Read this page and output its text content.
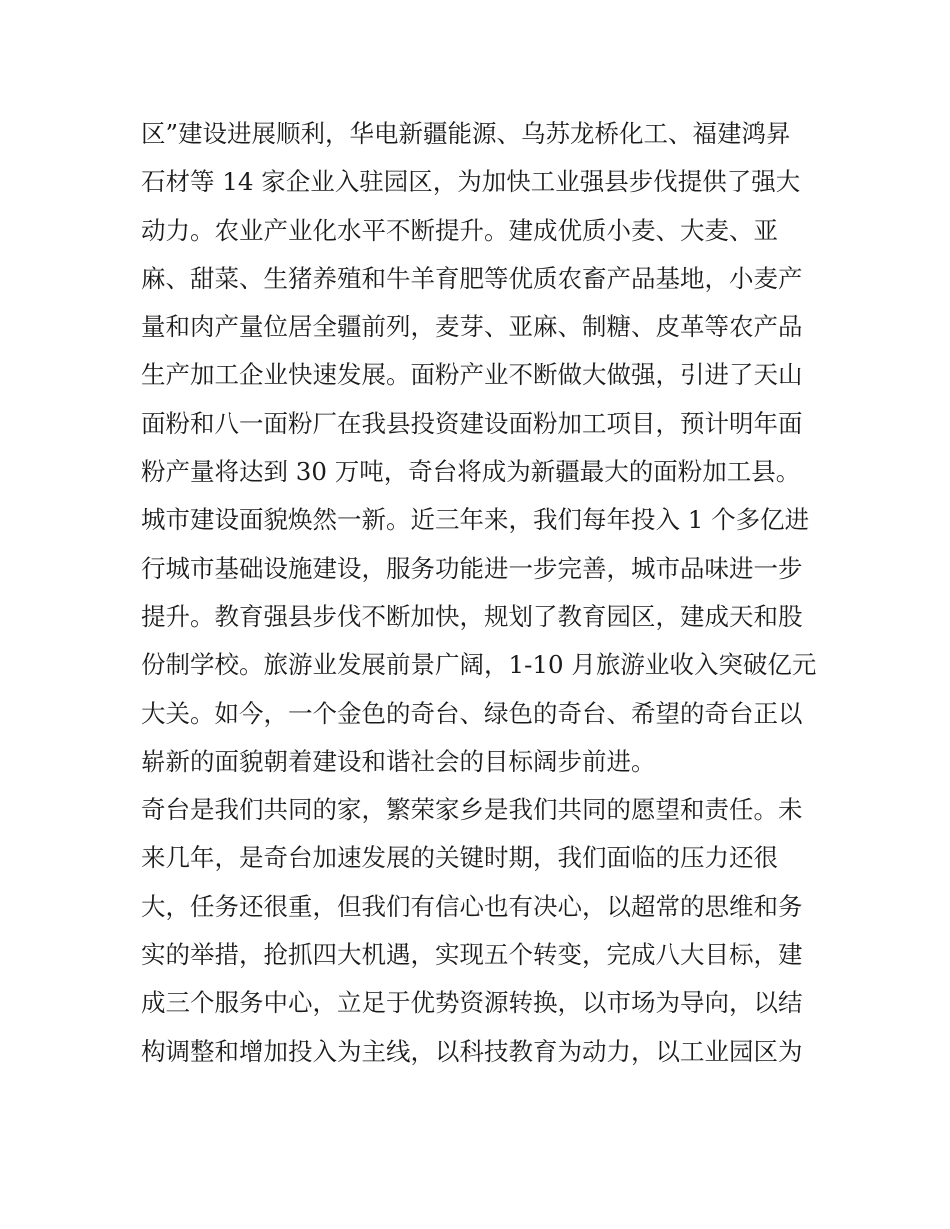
区”建设进展顺利，华电新疆能源、乌苏龙桥化工、福建鸿昇
石材等 14 家企业入驻园区，为加快工业强县步伐提供了强大
动力。农业产业化水平不断提升。建成优质小麦、大麦、亚
麻、甜菜、生猪养殖和牛羊育肥等优质农畜产品基地，小麦产
量和肉产量位居全疆前列，麦芽、亚麻、制糖、皮革等农产品
生产加工企业快速发展。面粉产业不断做大做强，引进了天山
面粉和八一面粉厂在我县投资建设面粉加工项目，预计明年面
粉产量将达到 30 万吨，奇台将成为新疆最大的面粉加工县。
城市建设面貌焕然一新。近三年来，我们每年投入 1 个多亿进
行城市基础设施建设，服务功能进一步完善，城市品味进一步
提升。教育强县步伐不断加快，规划了教育园区，建成天和股
份制学校。旅游业发展前景广阔，1-10 月旅游业收入突破亿元
大关。如今，一个金色的奇台、绿色的奇台、希望的奇台正以
崭新的面貌朝着建设和谐社会的目标阔步前进。
奇台是我们共同的家，繁荣家乡是我们共同的愿望和责任。未
来几年，是奇台加速发展的关键时期，我们面临的压力还很
大，任务还很重，但我们有信心也有决心，以超常的思维和务
实的举措，抢抓四大机遇，实现五个转变，完成八大目标，建
成三个服务中心，立足于优势资源转换，以市场为导向，以结
构调整和增加投入为主线，以科技教育为动力，以工业园区为
